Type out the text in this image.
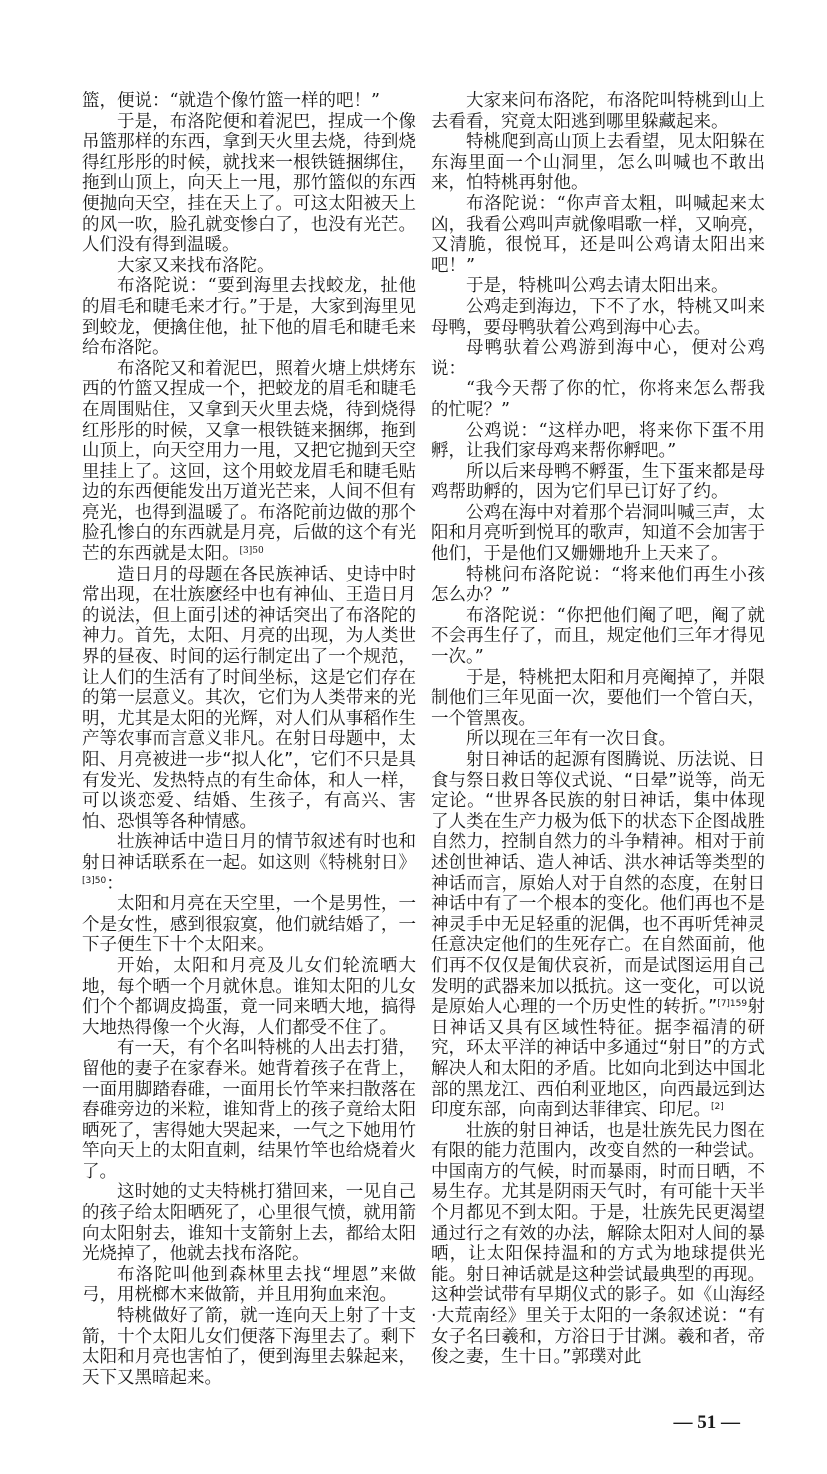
篮，便说：“就造个像竹篮一样的吧！”

于是，布洛陀便和着泥巴，捏成一个像吊篮那样的东西，拿到天火里去烧，待到烧得红彤彤的时候，就找来一根铁链捆绑住，拖到山顶上，向天上一甩，那竹篮似的东西便抛向天空，挂在天上了。可这太阳被天上的风一吹，脸孔就变惨白了，也没有光芒。人们没有得到温暖。

大家又来找布洛陀。

布洛陀说：“要到海里去找蛟龙，扯他的眉毛和睫毛来才行。”于是，大家到海里见到蛟龙，便擒住他，扯下他的眉毛和睫毛来给布洛陀。

布洛陀又和着泥巴，照着火塘上烘烤东西的竹篮又捏成一个，把蛟龙的眉毛和睫毛在周围贴住，又拿到天火里去烧，待到烧得红彤彤的时候，又拿一根铁链来捆绑，拖到山顶上，向天空用力一甩，又把它抛到天空里挂上了。这回，这个用蛟龙眉毛和睫毛贴边的东西便能发出万道光芒来，人间不但有亮光，也得到温暖了。布洛陀前边做的那个脸孔惨白的东西就是月亮，后做的这个有光芒的东西就是太阳。$^{[3]50}$

造日月的母题在各民族神话、史诗中时常出现，在壮族麽经中也有神仙、王造日月的说法，但上面引述的神话突出了布洛陀的神力。首先，太阳、月亮的出现，为人类世界的昼夜、时间的运行制定出了一个规范，让人们的生活有了时间坐标，这是它们存在的第一层意义。其次，它们为人类带来的光明，尤其是太阳的光辉，对人们从事稻作生产等农事而言意义非凡。在射日母题中，太阳、月亮被进一步“拟人化”，它们不只是具有发光、发热特点的有生命体，和人一样，可以谈恋爱、结婚、生孩子，有高兴、害怕、恐惧等各种情感。

壮族神话中造日月的情节叙述有时也和射日神话联系在一起。如这则《特桃射日》$^{[3]50}$：

太阳和月亮在天空里，一个是男性，一个是女性，感到很寂寞，他们就结婚了，一下子便生下十个太阳来。

开始，太阳和月亮及儿女们轮流晒大地，每个晒一个月就休息。谁知太阳的儿女们个个都调皮捣蛋，竟一同来晒大地，搞得大地热得像一个火海，人们都受不住了。

有一天，有个名叫特桃的人出去打猎，留他的妻子在家舂米。她背着孩子在背上，一面用脚踏舂碓，一面用长竹竿来扫散落在舂碓旁边的米粒，谁知背上的孩子竟给太阳晒死了，害得她大哭起来，一气之下她用竹竿向天上的太阳直刺，结果竹竿也给烧着火了。

这时她的丈夫特桃打猎回来，一见自己的孩子给太阳晒死了，心里很气愤，就用箭向太阳射去，谁知十支箭射上去，都给太阳光烧掉了，他就去找布洛陀。

布洛陀叫他到森林里去找“埋恩”来做弓，用桄榔木来做箭，并且用狗血来泡。

特桃做好了箭，就一连向天上射了十支箭，十个太阳儿女们便落下海里去了。剩下太阳和月亮也害怕了，便到海里去躲起来，天下又黑暗起来。

大家来问布洛陀，布洛陀叫特桃到山上去看看，究竟太阳逃到哪里躲藏起来。

特桃爬到高山顶上去看望，见太阳躲在东海里面一个山洞里，怎么叫喊也不敢出来，怕特桃再射他。

布洛陀说：“你声音太粗，叫喊起来太凶，我看公鸡叫声就像唱歌一样，又响亮，又清脆，很悦耳，还是叫公鸡请太阳出来吧！”

于是，特桃叫公鸡去请太阳出来。

公鸡走到海边，下不了水，特桃又叫来母鸭，要母鸭驮着公鸡到海中心去。

母鸭驮着公鸡游到海中心，便对公鸡说：

“我今天帮了你的忙，你将来怎么帮我的忙呢？”

公鸡说：“这样办吧，将来你下蛋不用孵，让我们家母鸡来帮你孵吧。”

所以后来母鸭不孵蛋，生下蛋来都是母鸡帮助孵的，因为它们早已订好了约。

公鸡在海中对着那个岩洞叫喊三声，太阳和月亮听到悦耳的歌声，知道不会加害于他们，于是他们又姗姗地升上天来了。

特桃问布洛陀说：“将来他们再生小孩怎么办？”

布洛陀说：“你把他们阉了吧，阉了就不会再生仔了，而且，规定他们三年才得见一次。”

于是，特桃把太阳和月亮阉掉了，并限制他们三年见面一次，要他们一个管白天，一个管黑夜。

所以现在三年有一次日食。

射日神话的起源有图腾说、历法说、日食与祭日救日等仪式说、“日晕”说等，尚无定论。“世界各民族的射日神话，集中体现了人类在生产力极为低下的状态下企图战胜自然力，控制自然力的斗争精神。相对于前述创世神话、造人神话、洪水神话等类型的神话而言，原始人对于自然的态度，在射日神话中有了一个根本的变化。他们再也不是神灵手中无足轻重的泥偶，也不再听凭神灵任意决定他们的生死存亡。在自然面前，他们再不仅仅是匍伏哀祈，而是试图运用自己发明的武器来加以抵抗。这一变化，可以说是原始人心理的一个历史性的转折。”$^{[7]159}$射日神话又具有区域性特征。据李福清的研究，环太平洋的神话中多通过“射日”的方式解决人和太阳的矛盾。比如向北到达中国北部的黑龙江、西伯利亚地区，向西最远到达印度东部，向南到达菲律宾、印尼。[2]

壮族的射日神话，也是壮族先民力图在有限的能力范围内，改变自然的一种尝试。中国南方的气候，时而暴雨，时而日晒，不易生存。尤其是阴雨天气时，有可能十天半个月都见不到太阳。于是，壮族先民更渴望通过行之有效的办法，解除太阳对人间的暴晒，让太阳保持温和的方式为地球提供光能。射日神话就是这种尝试最典型的再现。这种尝试带有早期仪式的影子。如《山海经·大荒南经》里关于太阳的一条叙述说：“有女子名曰羲和，方浴日于甘渊。羲和者，帝俊之妻，生十日。”郭璞对此

— 51 —
